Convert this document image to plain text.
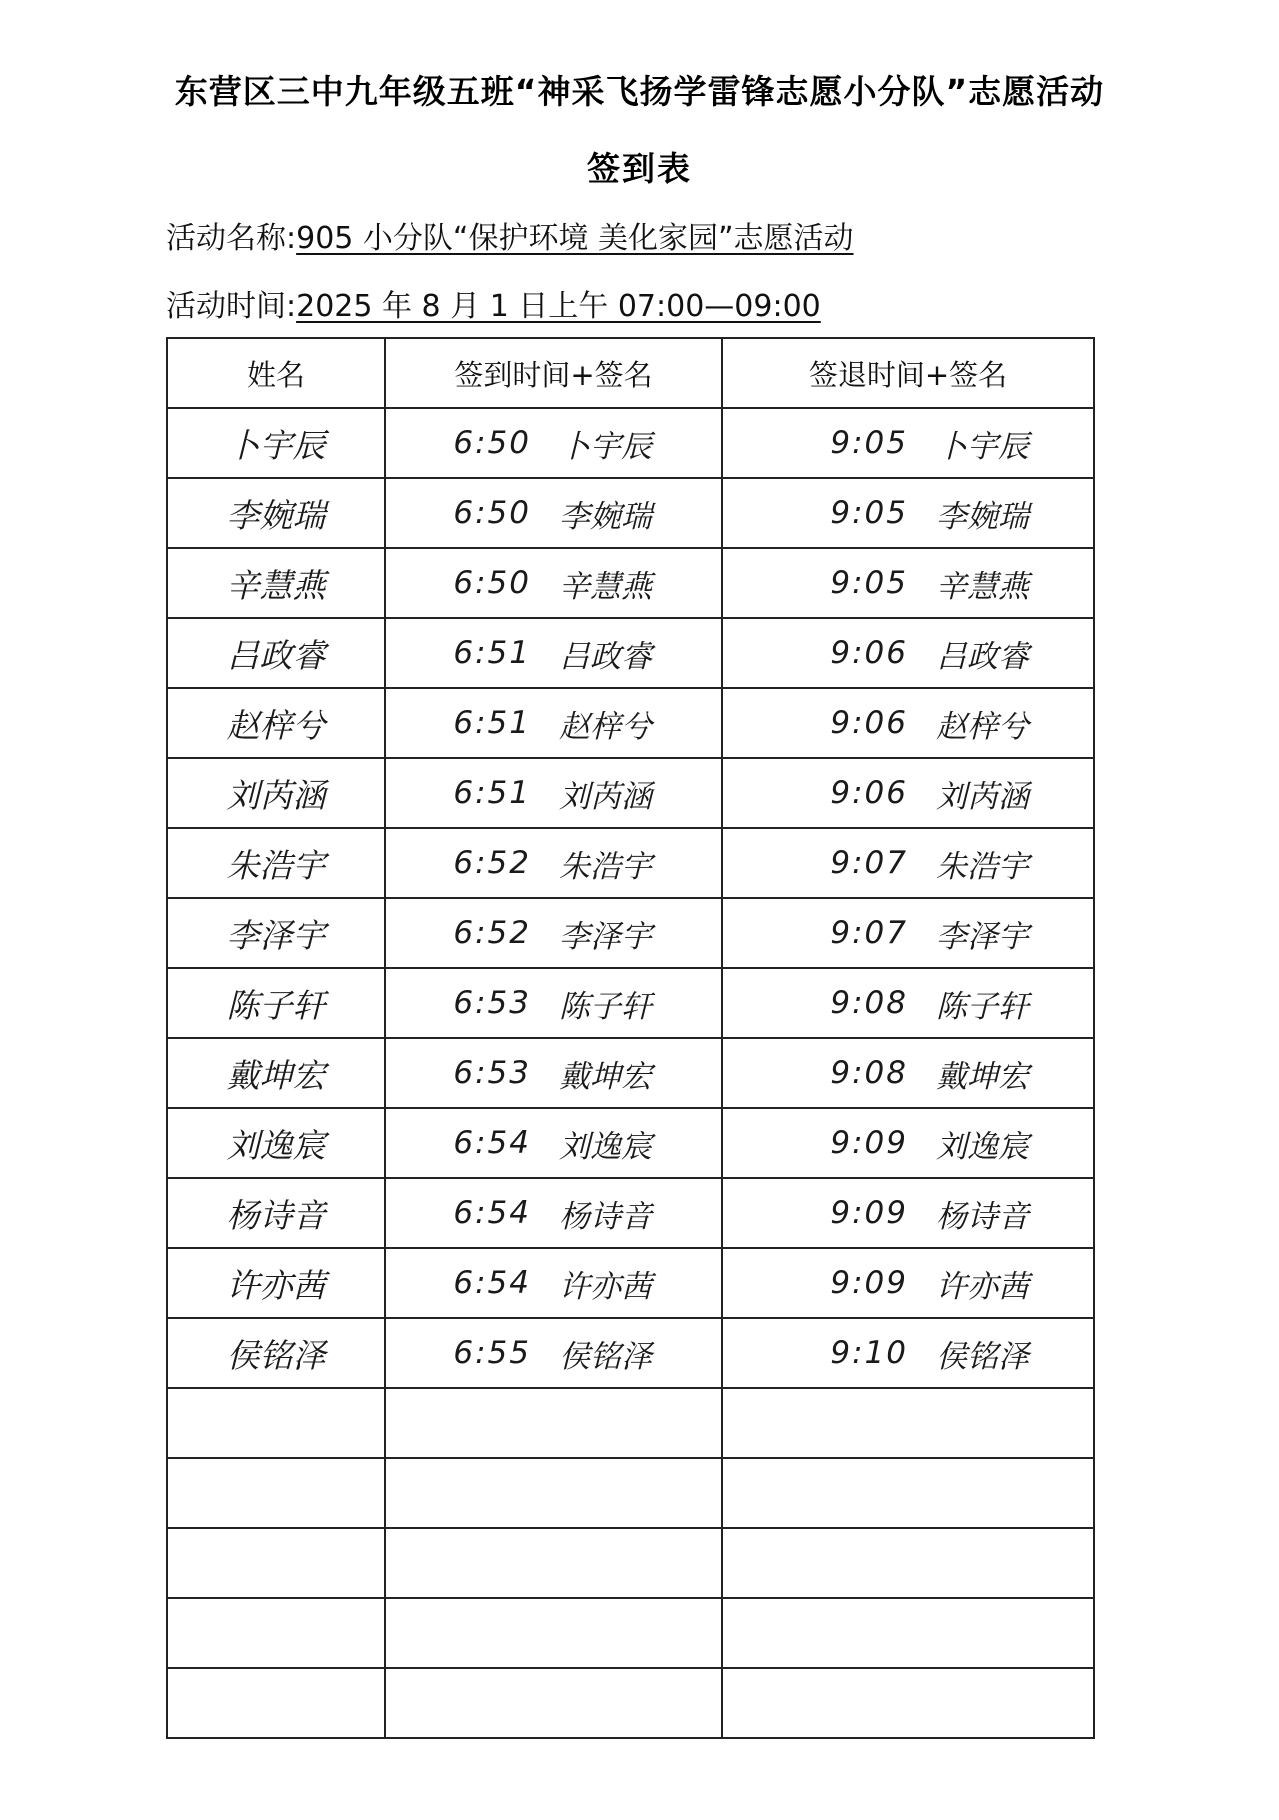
东营区三中九年级五班“神采飞扬学雷锋志愿小分队”志愿活动
签到表
活动名称:905 小分队“保护环境 美化家园”志愿活动
活动时间:2025 年 8 月 1 日上午 07:00—09:00
姓名	签到时间+签名	签退时间+签名

卜宇辰	6:50 卜宇辰	9:05 卜宇辰

李婉瑞	6:50 李婉瑞	9:05 李婉瑞

辛慧燕	6:50 辛慧燕	9:05 辛慧燕

吕政睿	6:51 吕政睿	9:06 吕政睿

赵梓兮	6:51 赵梓兮	9:06 赵梓兮

刘芮涵	6:51 刘芮涵	9:06 刘芮涵

朱浩宇	6:52 朱浩宇	9:07 朱浩宇

李泽宇	6:52 李泽宇	9:07 李泽宇

陈子轩	6:53 陈子轩	9:08 陈子轩

戴坤宏	6:53 戴坤宏	9:08 戴坤宏

刘逸宸	6:54 刘逸宸	9:09 刘逸宸

杨诗音	6:54 杨诗音	9:09 杨诗音

许亦茜	6:54 许亦茜	9:09 许亦茜

侯铭泽	6:55 侯铭泽	9:10 侯铭泽
